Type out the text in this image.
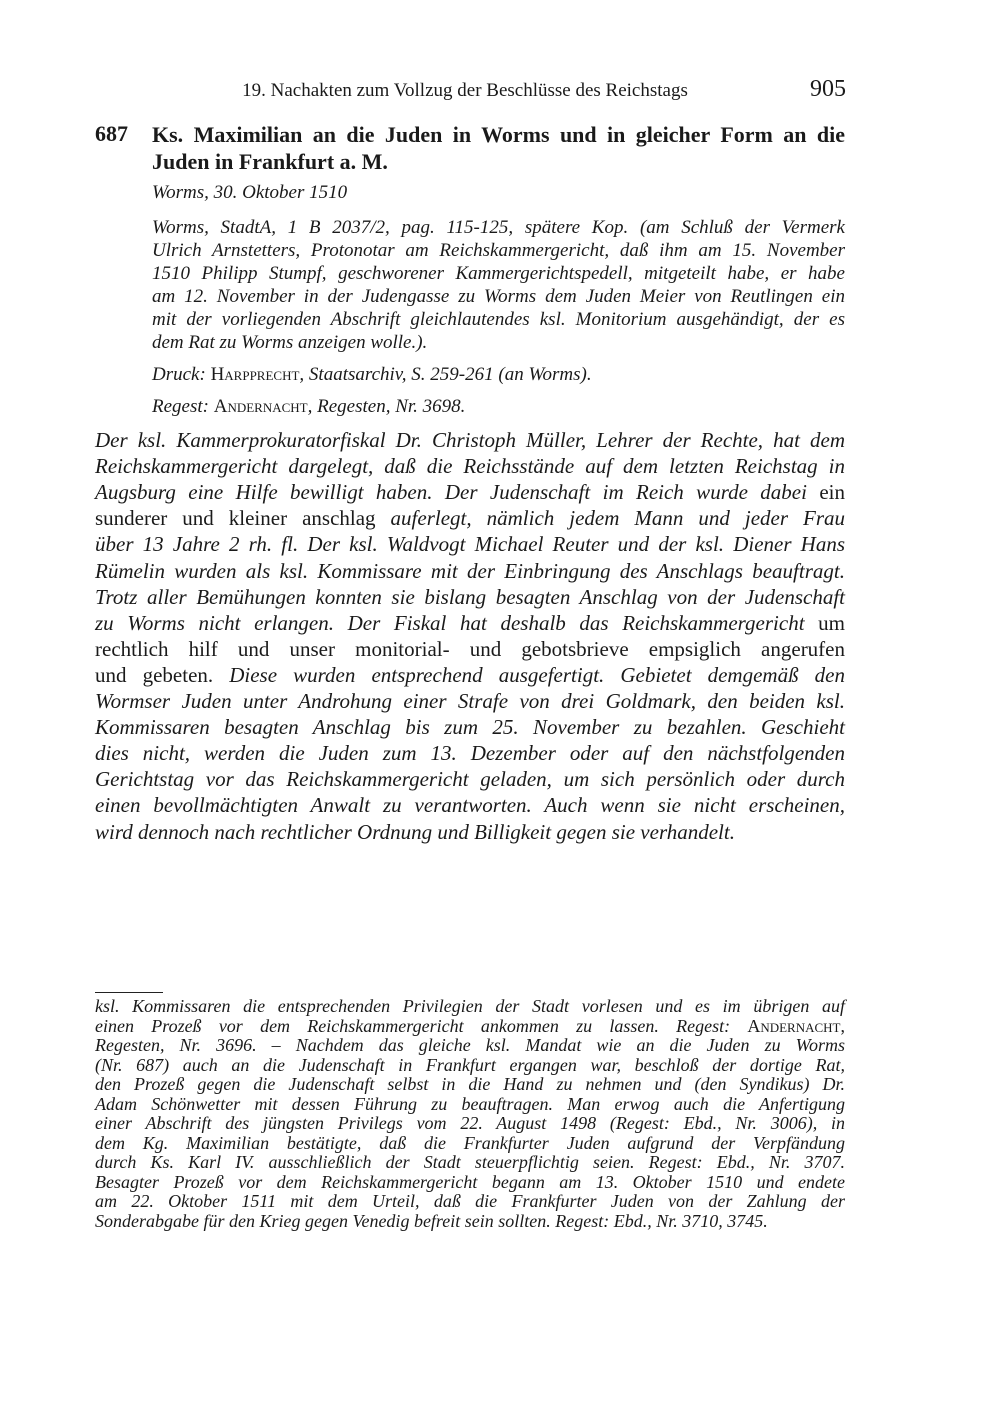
19. Nachakten zum Vollzug der Beschlüsse des Reichstags	905
687 Ks. Maximilian an die Juden in Worms und in gleicher Form an die Juden in Frankfurt a. M.
Worms, 30. Oktober 1510
Worms, StadtA, 1 B 2037/2, pag. 115-125, spätere Kop. (am Schluß der Vermerk
Ulrich Arnstetters, Protonotar am Reichskammergericht, daß ihm am 15. November
1510 Philipp Stumpf, geschworener Kammergerichtspedell, mitgeteilt habe, er habe
am 12. November in der Judengasse zu Worms dem Juden Meier von Reutlingen ein
mit der vorliegenden Abschrift gleichlautendes ksl. Monitorium ausgehändigt, der es
dem Rat zu Worms anzeigen wolle.).
Druck: Harpprecht, Staatsarchiv, S. 259-261 (an Worms).
Regest: Andernacht, Regesten, Nr. 3698.
Der ksl. Kammerprokuratorfiskal Dr. Christoph Müller, Lehrer der Rechte, hat dem
Reichskammergericht dargelegt, daß die Reichsstände auf dem letzten Reichstag in
Augsburg eine Hilfe bewilligt haben. Der Judenschaft im Reich wurde dabei ein
sunderer und kleiner anschlag auferlegt, nämlich jedem Mann und jeder Frau
über 13 Jahre 2 rh. fl. Der ksl. Waldvogt Michael Reuter und der ksl. Diener Hans
Rümelin wurden als ksl. Kommissare mit der Einbringung des Anschlags beauftragt.
Trotz aller Bemühungen konnten sie bislang besagten Anschlag von der Judenschaft
zu Worms nicht erlangen. Der Fiskal hat deshalb das Reichskammergericht um
rechtlich hilf und unser monitorial- und gebotsbrieve empsiglich angerufen
und gebeten. Diese wurden entsprechend ausgefertigt. Gebietet demgemäß den
Wormser Juden unter Androhung einer Strafe von drei Goldmark, den beiden ksl.
Kommissaren besagten Anschlag bis zum 25. November zu bezahlen. Geschieht
dies nicht, werden die Juden zum 13. Dezember oder auf den nächstfolgenden
Gerichtstag vor das Reichskammergericht geladen, um sich persönlich oder durch
einen bevollmächtigten Anwalt zu verantworten. Auch wenn sie nicht erscheinen,
wird dennoch nach rechtlicher Ordnung und Billigkeit gegen sie verhandelt.
ksl. Kommissaren die entsprechenden Privilegien der Stadt vorlesen und es im übrigen auf
einen Prozeß vor dem Reichskammergericht ankommen zu lassen. Regest: Andernacht,
Regesten, Nr. 3696. – Nachdem das gleiche ksl. Mandat wie an die Juden zu Worms
(Nr. 687) auch an die Judenschaft in Frankfurt ergangen war, beschloß der dortige Rat,
den Prozeß gegen die Judenschaft selbst in die Hand zu nehmen und (den Syndikus) Dr.
Adam Schönwetter mit dessen Führung zu beauftragen. Man erwog auch die Anfertigung
einer Abschrift des jüngsten Privilegs vom 22. August 1498 (Regest: Ebd., Nr. 3006), in
dem Kg. Maximilian bestätigte, daß die Frankfurter Juden aufgrund der Verpfändung
durch Ks. Karl IV. ausschließlich der Stadt steuerpflichtig seien. Regest: Ebd., Nr. 3707.
Besagter Prozeß vor dem Reichskammergericht begann am 13. Oktober 1510 und endete
am 22. Oktober 1511 mit dem Urteil, daß die Frankfurter Juden von der Zahlung der
Sonderabgabe für den Krieg gegen Venedig befreit sein sollten. Regest: Ebd., Nr. 3710, 3745.
